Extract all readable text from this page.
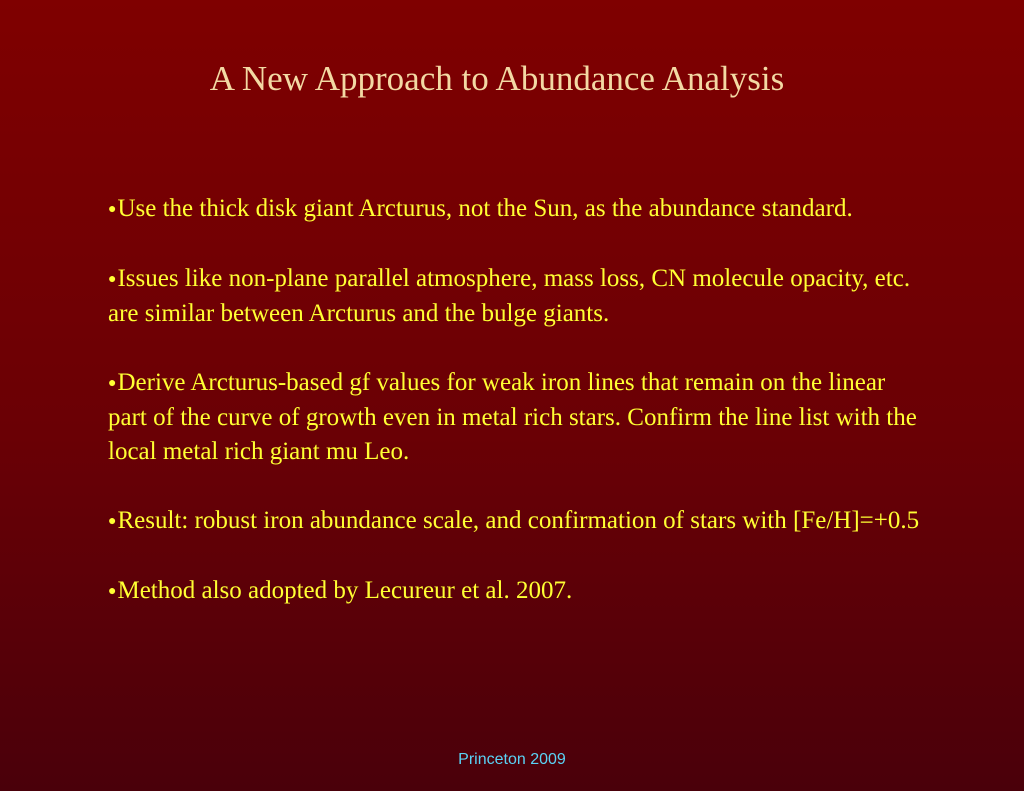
A New Approach to Abundance Analysis
●Use the thick disk giant Arcturus, not the Sun, as the abundance standard.
●Issues like non-plane parallel atmosphere, mass loss, CN molecule opacity, etc. are similar between Arcturus and the bulge giants.
●Derive Arcturus-based gf values for weak iron lines that remain on the linear part of the curve of growth even in metal rich stars. Confirm the line list with the local metal rich giant mu Leo.
●Result: robust iron abundance scale, and confirmation of stars with [Fe/H]=+0.5
●Method also adopted by Lecureur et al. 2007.
Princeton 2009
